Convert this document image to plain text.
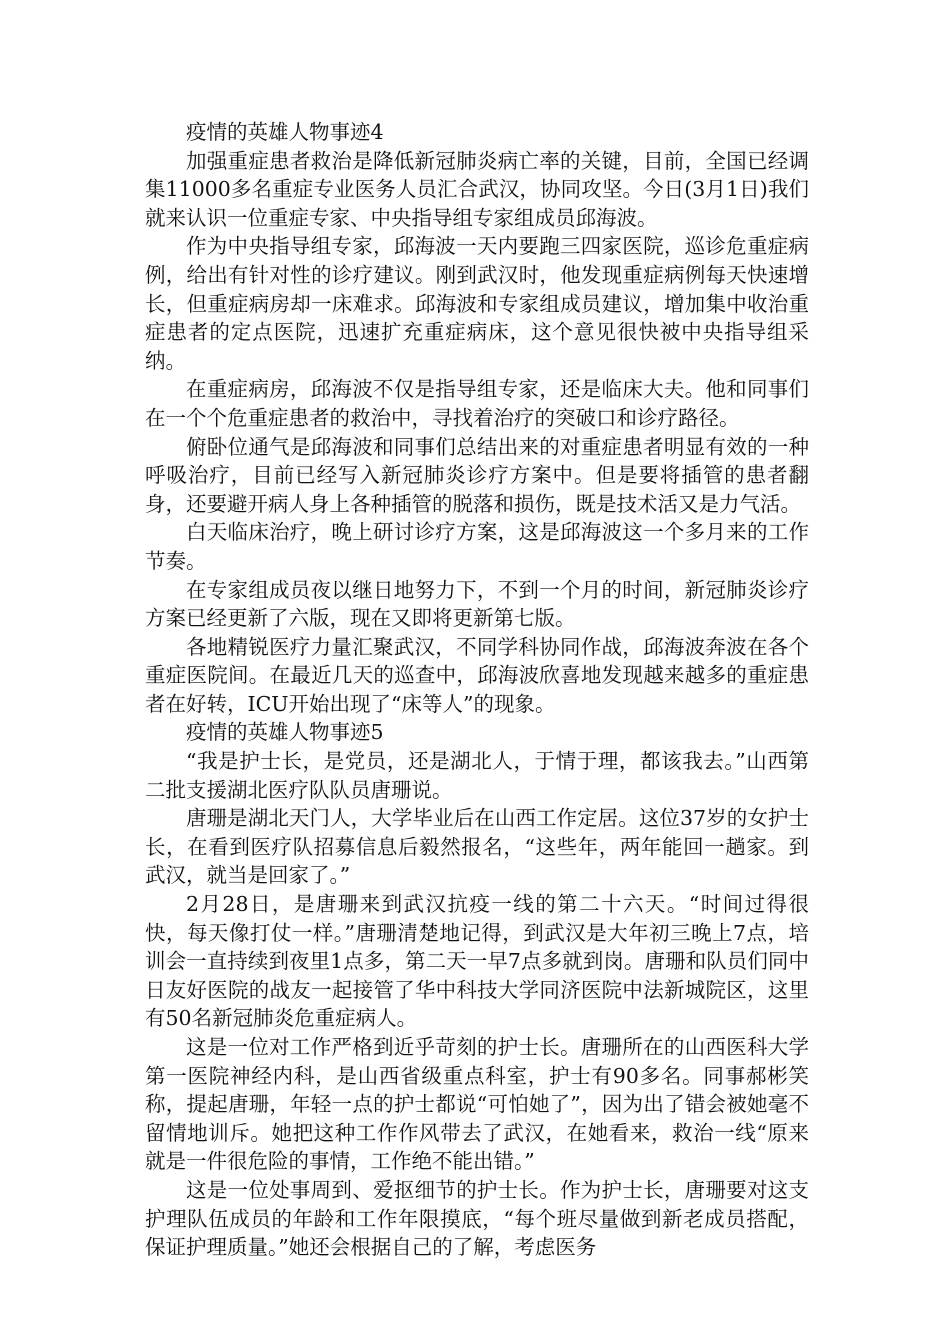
疫情的英雄人物事迹4

加强重症患者救治是降低新冠肺炎病亡率的关键，目前，全国已经调集11000多名重症专业医务人员汇合武汉，协同攻坚。今日(3月1日)我们就来认识一位重症专家、中央指导组专家组成员邱海波。

作为中央指导组专家，邱海波一天内要跑三四家医院，巡诊危重症病例，给出有针对性的诊疗建议。刚到武汉时，他发现重症病例每天快速增长，但重症病房却一床难求。邱海波和专家组成员建议，增加集中收治重症患者的定点医院，迅速扩充重症病床，这个意见很快被中央指导组采纳。

在重症病房，邱海波不仅是指导组专家，还是临床大夫。他和同事们在一个个危重症患者的救治中，寻找着治疗的突破口和诊疗路径。

俯卧位通气是邱海波和同事们总结出来的对重症患者明显有效的一种呼吸治疗，目前已经写入新冠肺炎诊疗方案中。但是要将插管的患者翻身，还要避开病人身上各种插管的脱落和损伤，既是技术活又是力气活。

白天临床治疗，晚上研讨诊疗方案，这是邱海波这一个多月来的工作节奏。

在专家组成员夜以继日地努力下，不到一个月的时间，新冠肺炎诊疗方案已经更新了六版，现在又即将更新第七版。

各地精锐医疗力量汇聚武汉，不同学科协同作战，邱海波奔波在各个重症医院间。在最近几天的巡查中，邱海波欣喜地发现越来越多的重症患者在好转，ICU开始出现了“床等人”的现象。

疫情的英雄人物事迹5

“我是护士长，是党员，还是湖北人，于情于理，都该我去。”山西第二批支援湖北医疗队队员唐珊说。

唐珊是湖北天门人，大学毕业后在山西工作定居。这位37岁的女护士长，在看到医疗队招募信息后毅然报名，“这些年，两年能回一趟家。到武汉，就当是回家了。”

2月28日，是唐珊来到武汉抗疫一线的第二十六天。“时间过得很快，每天像打仗一样。”唐珊清楚地记得，到武汉是大年初三晚上7点，培训会一直持续到夜里1点多，第二天一早7点多就到岗。唐珊和队员们同中日友好医院的战友一起接管了华中科技大学同济医院中法新城院区，这里有50名新冠肺炎危重症病人。

这是一位对工作严格到近乎苛刻的护士长。唐珊所在的山西医科大学第一医院神经内科，是山西省级重点科室，护士有90多名。同事郝彬笑称，提起唐珊，年轻一点的护士都说“可怕她了”，因为出了错会被她毫不留情地训斥。她把这种工作作风带去了武汉，在她看来，救治一线“原来就是一件很危险的事情，工作绝不能出错。”

这是一位处事周到、爱抠细节的护士长。作为护士长，唐珊要对这支护理队伍成员的年龄和工作年限摸底，“每个班尽量做到新老成员搭配，保证护理质量。”她还会根据自己的了解，考虑医务
